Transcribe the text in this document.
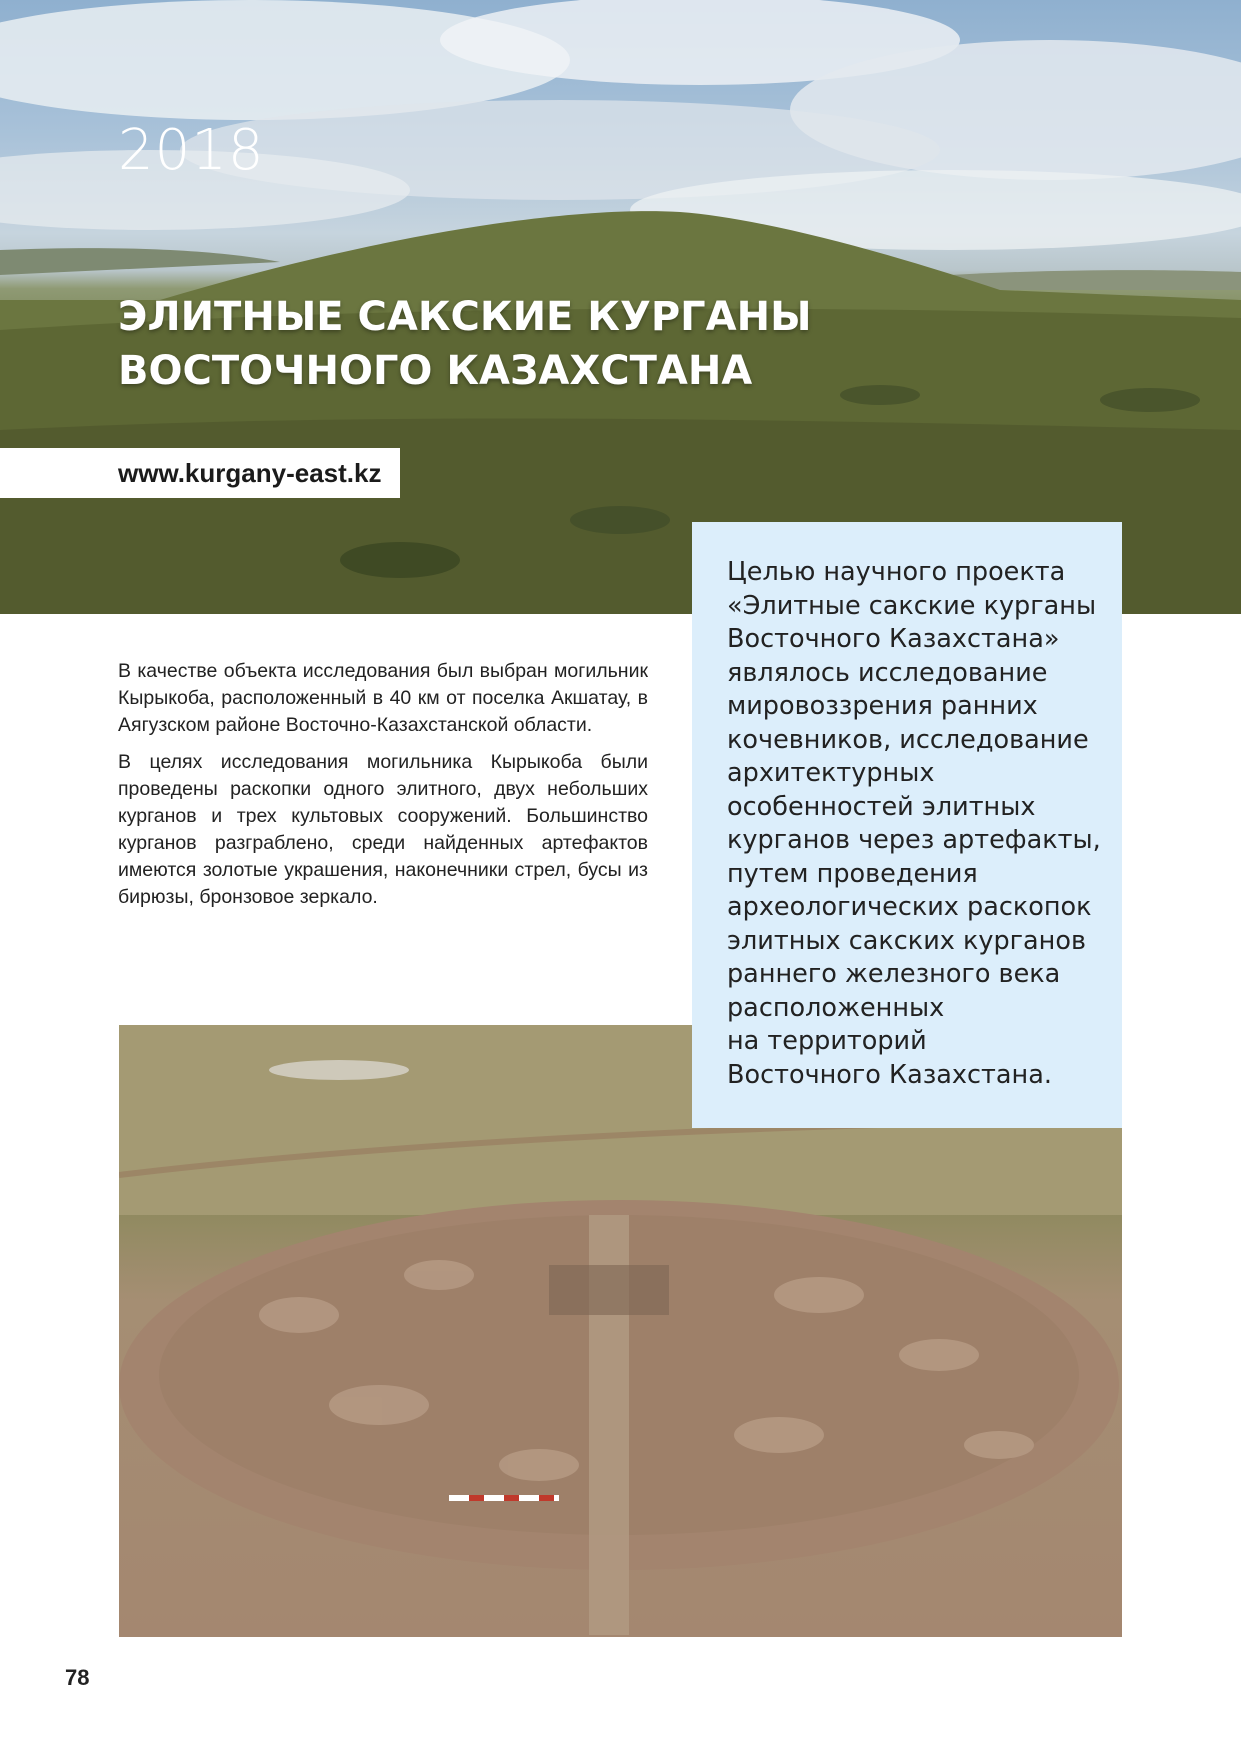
2018
ЭЛИТНЫЕ САКСКИЕ КУРГАНЫ
ВОСТОЧНОГО КАЗАХСТАНА
www.kurgany-east.kz

В качестве объекта исследования был выбран могильник Кырыкоба, расположенный в 40 км от поселка Акшатау, в Аягузском районе Восточно-Казахстанской области.

В целях исследования могильника Кырыкоба были проведены раскопки одного элитного, двух небольших курганов и трех культовых сооружений. Большинство курганов разграблено, среди найденных артефактов имеются золотые украшения, наконечники стрел, бусы из бирюзы, бронзовое зеркало.

Целью научного проекта
«Элитные сакские курганы
Восточного Казахстана»
являлось исследование
мировоззрения ранних
кочевников, исследование
архитектурных
особенностей элитных
курганов через артефакты,
путем проведения
археологических раскопок
элитных сакских курганов
раннего железного века
расположенных
на территорий
Восточного Казахстана.

78
